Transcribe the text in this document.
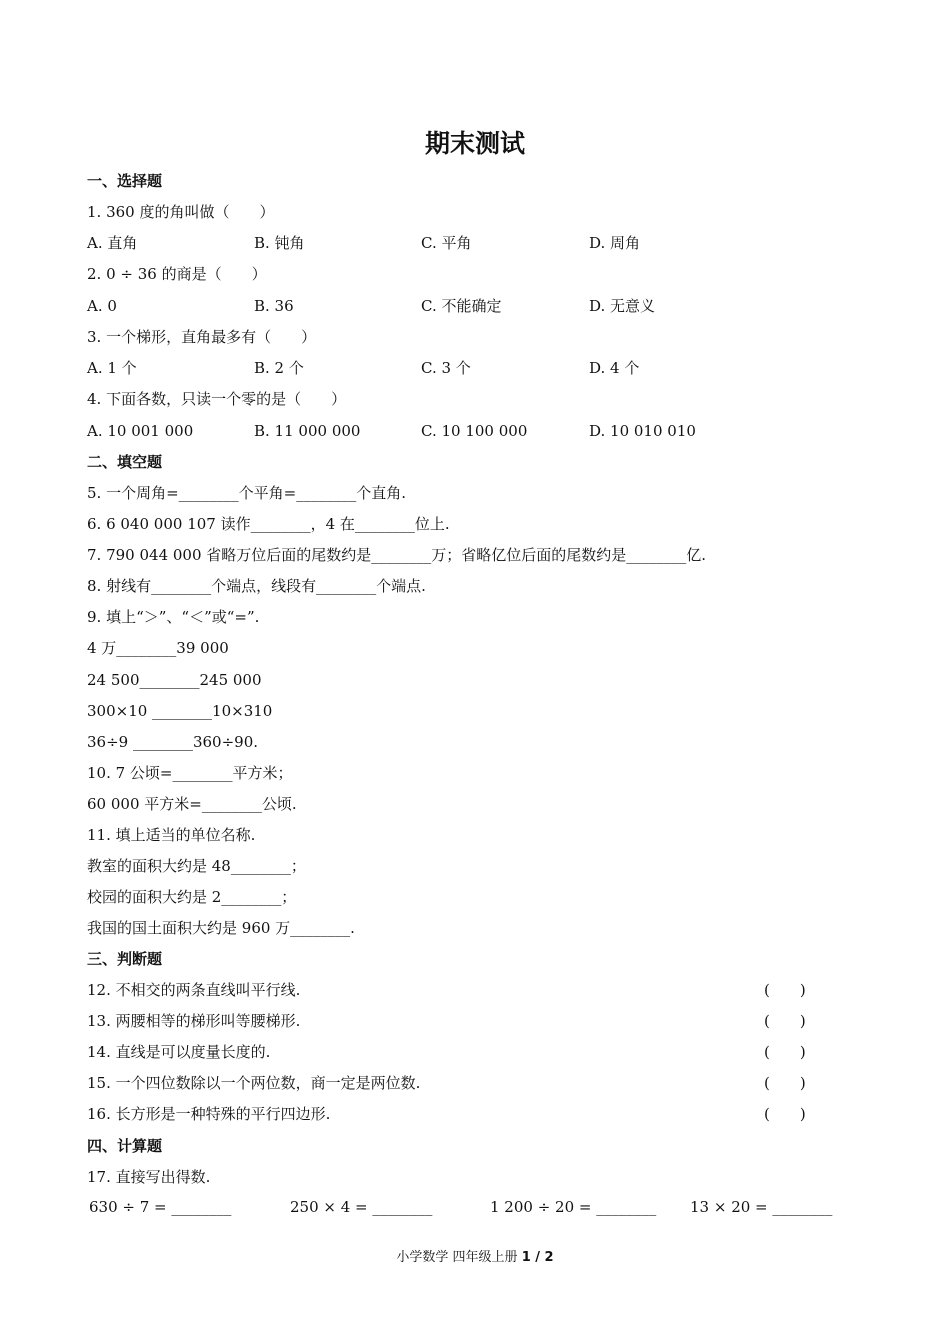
期末测试
一、选择题
1. 360 度的角叫做（　　）
A. 直角	B. 钝角	C. 平角	D. 周角
2. 0 ÷ 36 的商是（　　）
A. 0	B. 36	C. 不能确定	D. 无意义
3. 一个梯形，直角最多有（　　）
A. 1 个	B. 2 个	C. 3 个	D. 4 个
4. 下面各数，只读一个零的是（　　）
A. 10 001 000	B. 11 000 000	C. 10 100 000	D. 10 010 010
二、填空题
5. 一个周角=________个平角=________个直角.
6. 6 040 000 107 读作________，4 在________位上.
7. 790 044 000 省略万位后面的尾数约是________万；省略亿位后面的尾数约是________亿.
8. 射线有________个端点，线段有________个端点.
9. 填上“＞”、“＜”或“=”.
4 万________39 000
24 500________245 000
300×10 ________10×310
36÷9 ________360÷90.
10. 7 公顷=________平方米；
60 000 平方米=________公顷.
11. 填上适当的单位名称.
教室的面积大约是 48________；
校园的面积大约是 2________；
我国的国土面积大约是 960 万________.
三、判断题
12. 不相交的两条直线叫平行线.	(　　)
13. 两腰相等的梯形叫等腰梯形.	(　　)
14. 直线是可以度量长度的.	(　　)
15. 一个四位数除以一个两位数，商一定是两位数.	(　　)
16. 长方形是一种特殊的平行四边形.	(　　)
四、计算题
17. 直接写出得数.
630 ÷ 7 = ________	250 × 4 = ________	1 200 ÷ 20 = ________ 13 × 20 = ________
小学数学 四年级上册 1 / 2
